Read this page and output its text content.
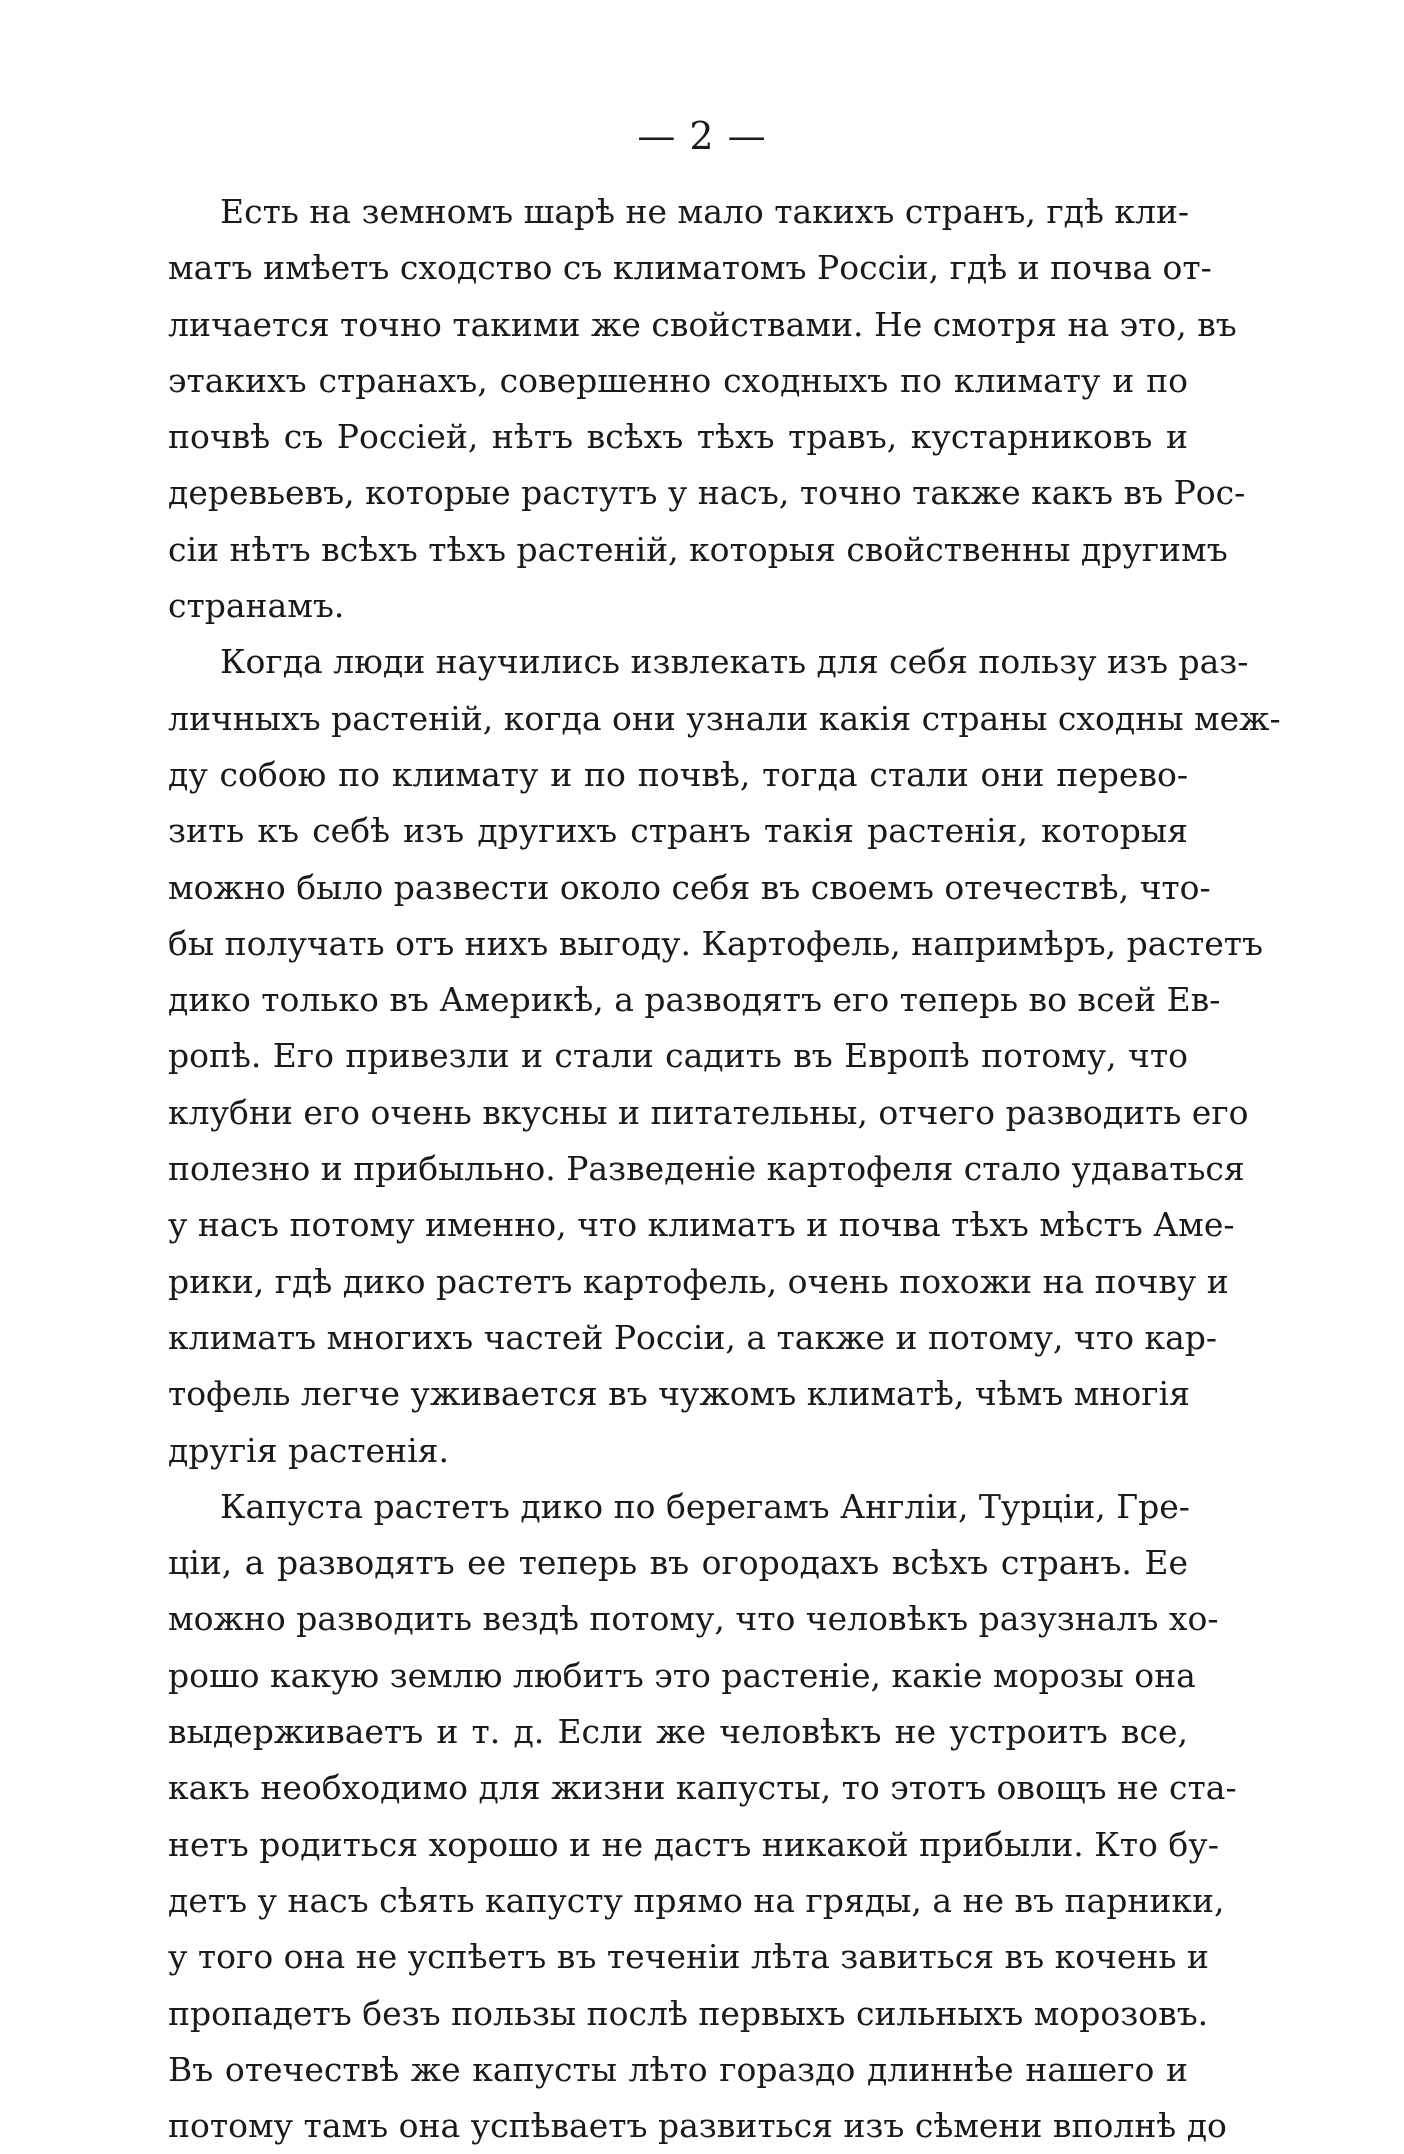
— 2 —
Есть на земномъ шарѣ не мало такихъ странъ, гдѣ кли-
матъ имѣетъ сходство съ климатомъ Россіи, гдѣ и почва от-
личается точно такими же свойствами. Не смотря на это, въ
этакихъ странахъ, совершенно сходныхъ по климату и по
почвѣ съ Россіей, нѣтъ всѣхъ тѣхъ травъ, кустарниковъ и
деревьевъ, которые растутъ у насъ, точно также какъ въ Рос-
сіи нѣтъ всѣхъ тѣхъ растеній, которыя свойственны другимъ
странамъ.
Когда люди научились извлекать для себя пользу изъ раз-
личныхъ растеній, когда они узнали какія страны сходны меж-
ду собою по климату и по почвѣ, тогда стали они перево-
зить къ себѣ изъ другихъ странъ такія растенія, которыя
можно было развести около себя въ своемъ отечествѣ, что-
бы получать отъ нихъ выгоду. Картофель, напримѣръ, растетъ
дико только въ Америкѣ, а разводятъ его теперь во всей Ев-
ропѣ. Его привезли и стали садить въ Европѣ потому, что
клубни его очень вкусны и питательны, отчего разводить его
полезно и прибыльно. Разведеніе картофеля стало удаваться
у насъ потому именно, что климатъ и почва тѣхъ мѣстъ Аме-
рики, гдѣ дико растетъ картофель, очень похожи на почву и
климатъ многихъ частей Россіи, а также и потому, что кар-
тофель легче уживается въ чужомъ климатѣ, чѣмъ многія
другія растенія.
Капуста растетъ дико по берегамъ Англіи, Турціи, Гре-
ціи, а разводятъ ее теперь въ огородахъ всѣхъ странъ. Ее
можно разводить вездѣ потому, что человѣкъ разузналъ хо-
рошо какую землю любитъ это растеніе, какіе морозы она
выдерживаетъ и т. д. Если же человѣкъ не устроитъ все,
какъ необходимо для жизни капусты, то этотъ овощъ не ста-
нетъ родиться хорошо и не дастъ никакой прибыли. Кто бу-
детъ у насъ сѣять капусту прямо на гряды, а не въ парники,
у того она не успѣетъ въ теченіи лѣта завиться въ кочень и
пропадетъ безъ пользы послѣ первыхъ сильныхъ морозовъ.
Въ отечествѣ же капусты лѣто гораздо длиннѣе нашего и
потому тамъ она успѣваетъ развиться изъ сѣмени вполнѣ до
